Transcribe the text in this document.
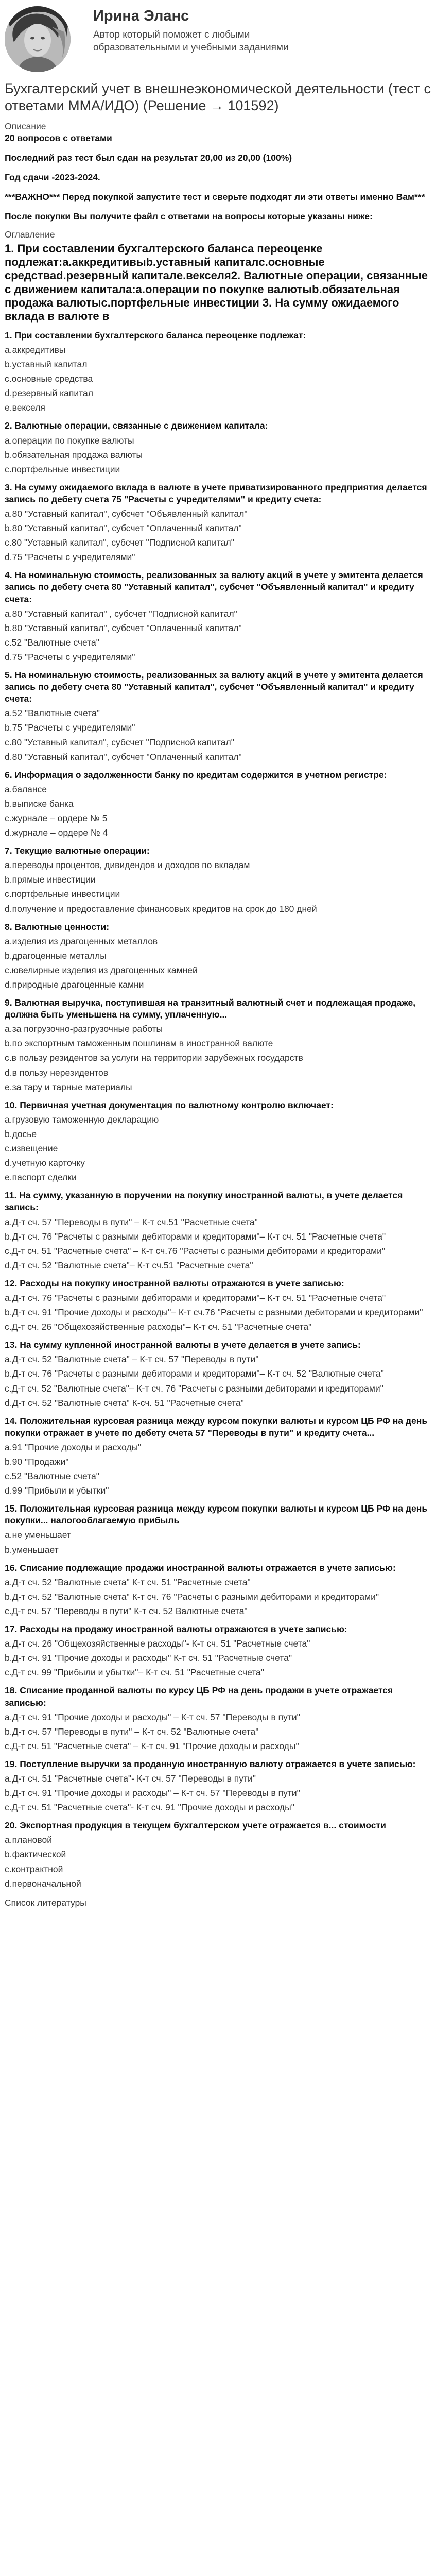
Ирина Эланс
Автор который поможет с любыми образовательными и учебными заданиями
Бухгалтерский учет в внешнеэкономической деятельности (тест с ответами ММА/ИДО) (Решение → 101592)
Описание
20 вопросов с ответами
Последний раз тест был сдан на результат 20,00 из 20,00 (100%)
Год сдачи -2023-2024.
***ВАЖНО*** Перед покупкой запустите тест и сверьте подходят ли эти ответы именно Вам***
После покупки Вы получите файл с ответами на вопросы которые указаны ниже:
Оглавление
1. При составлении бухгалтерского баланса переоценке подлежат:a.аккредитивыb.уставный капиталc.основные средстваd.резервный капиталe.векселя2. Валютные операции, связанные с движением капитала:a.операции по покупке валютыb.обязательная продажа валютыc.портфельные инвестиции 3. На сумму ожидаемого вклада в валюте в
1. При составлении бухгалтерского баланса переоценке подлежат:
a.аккредитивы
b.уставный капитал
c.основные средства
d.резервный капитал
e.векселя
2. Валютные операции, связанные с движением капитала:
a.операции по покупке валюты
b.обязательная продажа валюты
c.портфельные инвестиции
3. На сумму ожидаемого вклада в валюте в учете приватизированного предприятия делается запись по дебету счета 75 "Расчеты с учредителями" и кредиту счета:
a.80 "Уставный капитал", субсчет "Объявленный капитал"
b.80 "Уставный капитал", субсчет "Оплаченный капитал"
c.80 "Уставный капитал", субсчет "Подписной капитал"
d.75 "Расчеты с учредителями"
4. На номинальную стоимость, реализованных за валюту акций в учете у эмитента делается запись по дебету счета 80 "Уставный капитал", субсчет "Объявленный капитал" и кредиту счета:
a.80 "Уставный капитал" , субсчет "Подписной капитал"
b.80 "Уставный капитал", субсчет "Оплаченный капитал"
c.52 "Валютные счета"
d.75 "Расчеты с учредителями"
5. На номинальную стоимость, реализованных за валюту акций в учете у эмитента делается запись по дебету счета 80 "Уставный капитал", субсчет "Объявленный капитал" и кредиту счета:
a.52 "Валютные счета"
b.75 "Расчеты с учредителями"
c.80 "Уставный капитал", субсчет "Подписной капитал"
d.80 "Уставный капитал", субсчет "Оплаченный капитал"
6. Информация о задолженности банку по кредитам содержится в учетном регистре:
a.балансе
b.выписке банка
c.журнале – ордере № 5
d.журнале – ордере № 4
7. Текущие валютные операции:
a.переводы процентов, дивидендов и доходов по вкладам
b.прямые инвестиции
c.портфельные инвестиции
d.получение и предоставление финансовых кредитов на срок до 180 дней
8. Валютные ценности:
a.изделия из драгоценных металлов
b.драгоценные металлы
c.ювелирные изделия из драгоценных камней
d.природные драгоценные камни
9. Валютная выручка, поступившая на транзитный валютный счет и подлежащая продаже, должна быть уменьшена на сумму, уплаченную...
a.за погрузочно-разгрузочные работы
b.по экспортным таможенным пошлинам в иностранной валюте
c.в пользу резидентов за услуги на территории зарубежных государств
d.в пользу нерезидентов
e.за тару и тарные материалы
10. Первичная учетная документация по валютному контролю включает:
a.грузовую таможенную декларацию
b.досье
c.извещение
d.учетную карточку
e.паспорт сделки
11. На сумму, указанную в поручении на покупку иностранной валюты, в учете делается запись:
a.Д-т сч. 57 "Переводы в пути" – К-т сч.51 "Расчетные счета"
b.Д-т сч. 76 "Расчеты с разными дебиторами и кредиторами"– К-т сч. 51 "Расчетные счета"
c.Д-т сч. 51 "Расчетные счета" – К-т сч.76 "Расчеты с разными дебиторами и кредиторами"
d.Д-т сч. 52 "Валютные счета"– К-т сч.51 "Расчетные счета"
12. Расходы на покупку иностранной валюты отражаются в учете записью:
a.Д-т сч. 76 "Расчеты с разными дебиторами и кредиторами"– К-т сч. 51 "Расчетные счета"
b.Д-т сч. 91 "Прочие доходы и расходы"– К-т сч.76 "Расчеты с разными дебиторами и кредиторами"
c.Д-т сч. 26 "Общехозяйственные расходы"– К-т сч. 51 "Расчетные счета"
13. На сумму купленной иностранной валюты в учете делается в учете запись:
a.Д-т сч. 52 "Валютные счета" – К-т сч. 57 "Переводы в пути"
b.Д-т сч. 76 "Расчеты с разными дебиторами и кредиторами"– К-т сч. 52 "Валютные счета"
c.Д-т сч. 52 "Валютные счета"– К-т сч. 76 "Расчеты с разными дебиторами и кредиторами"
d.Д-т сч. 52 "Валютные счета" К-сч. 51 "Расчетные счета"
14. Положительная курсовая разница между курсом покупки валюты и курсом ЦБ РФ на день покупки отражает в учете по дебету счета 57 "Переводы в пути" и кредиту счета...
a.91 "Прочие доходы и расходы"
b.90 "Продажи"
c.52 "Валютные счета"
d.99 "Прибыли и убытки"
15. Положительная курсовая разница между курсом покупки валюты и курсом ЦБ РФ на день покупки... налогооблагаемую прибыль
a.не уменьшает
b.уменьшает
16. Списание подлежащие продажи иностранной валюты отражается в учете записью:
a.Д-т сч. 52 "Валютные счета" К-т сч. 51 "Расчетные счета"
b.Д-т сч. 52 "Валютные счета" К-т сч. 76 "Расчеты с разными дебиторами и кредиторами"
c.Д-т сч. 57 "Переводы в пути" К-т сч. 52 Валютные счета"
17. Расходы на продажу иностранной валюты отражаются в учете записью:
a.Д-т сч. 26 "Общехозяйственные расходы"- К-т сч. 51 "Расчетные счета"
b.Д-т сч. 91 "Прочие доходы и расходы" К-т сч. 51 "Расчетные счета"
c.Д-т сч. 99 "Прибыли и убытки"– К-т сч. 51 "Расчетные счета"
18. Списание проданной валюты по курсу ЦБ РФ на день продажи в учете отражается записью:
a.Д-т сч. 91 "Прочие доходы и расходы" – К-т сч. 57 "Переводы в пути"
b.Д-т сч. 57 "Переводы в пути" – К-т сч. 52 "Валютные счета"
c.Д-т сч. 51 "Расчетные счета" – К-т сч. 91 "Прочие доходы и расходы"
19. Поступление выручки за проданную иностранную валюту отражается в учете записью:
a.Д-т сч. 51 "Расчетные счета"- К-т сч. 57 "Переводы в пути"
b.Д-т сч. 91 "Прочие доходы и расходы" – К-т сч. 57 "Переводы в пути"
c.Д-т сч. 51 "Расчетные счета"- К-т сч. 91 "Прочие доходы и расходы"
20. Экспортная продукция в текущем бухгалтерском учете отражается в... стоимости
a.плановой
b.фактической
c.контрактной
d.первоначальной
Список литературы
